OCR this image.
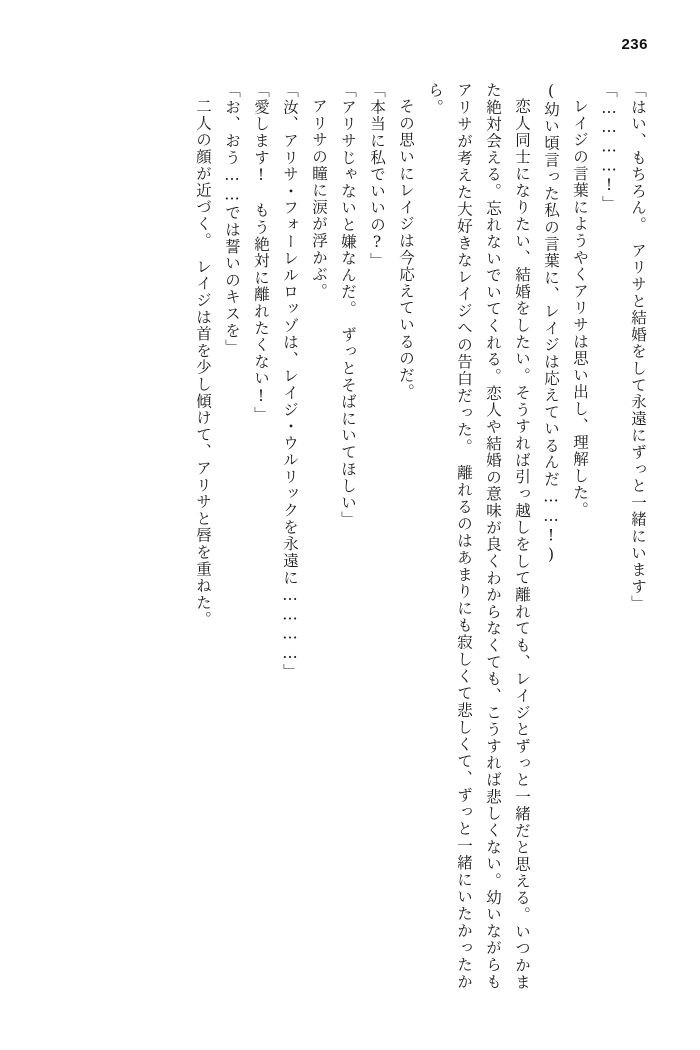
236

「はい、もちろん。　アリサと結婚をして永遠にずっと一緒にいます」

「…………!」

レイジの言葉にようやくアリサは思い出し、理解した。

(幼い頃言った私の言葉に、レイジは応えているんだ……!)

恋人同士になりたい、結婚をしたい。そうすれば引っ越しをして離れても、レイジとずっと一緒だと思える。いつかまた絶対会える。忘れないでいてくれる。恋人や結婚の意味が良くわからなくても、こうすれば悲しくない。幼いながらもアリサが考えた大好きなレイジへの告白だった。　離れるのはあまりにも寂しくて悲しくて、ずっと一緒にいたかったから。

その思いにレイジは今応えているのだ。

「本当に私でいいの?」

「アリサじゃないと嫌なんだ。　ずっとそばにいてほしい」

アリサの瞳に涙が浮かぶ。

「汝、アリサ・フォーレルロッゾは、レイジ・ウルリックを永遠に…………」

「愛します!　もう絶対に離れたくない!」

「お、おう……では誓いのキスを」

二人の顔が近づく。　レイジは首を少し傾けて、アリサと唇を重ねた。
